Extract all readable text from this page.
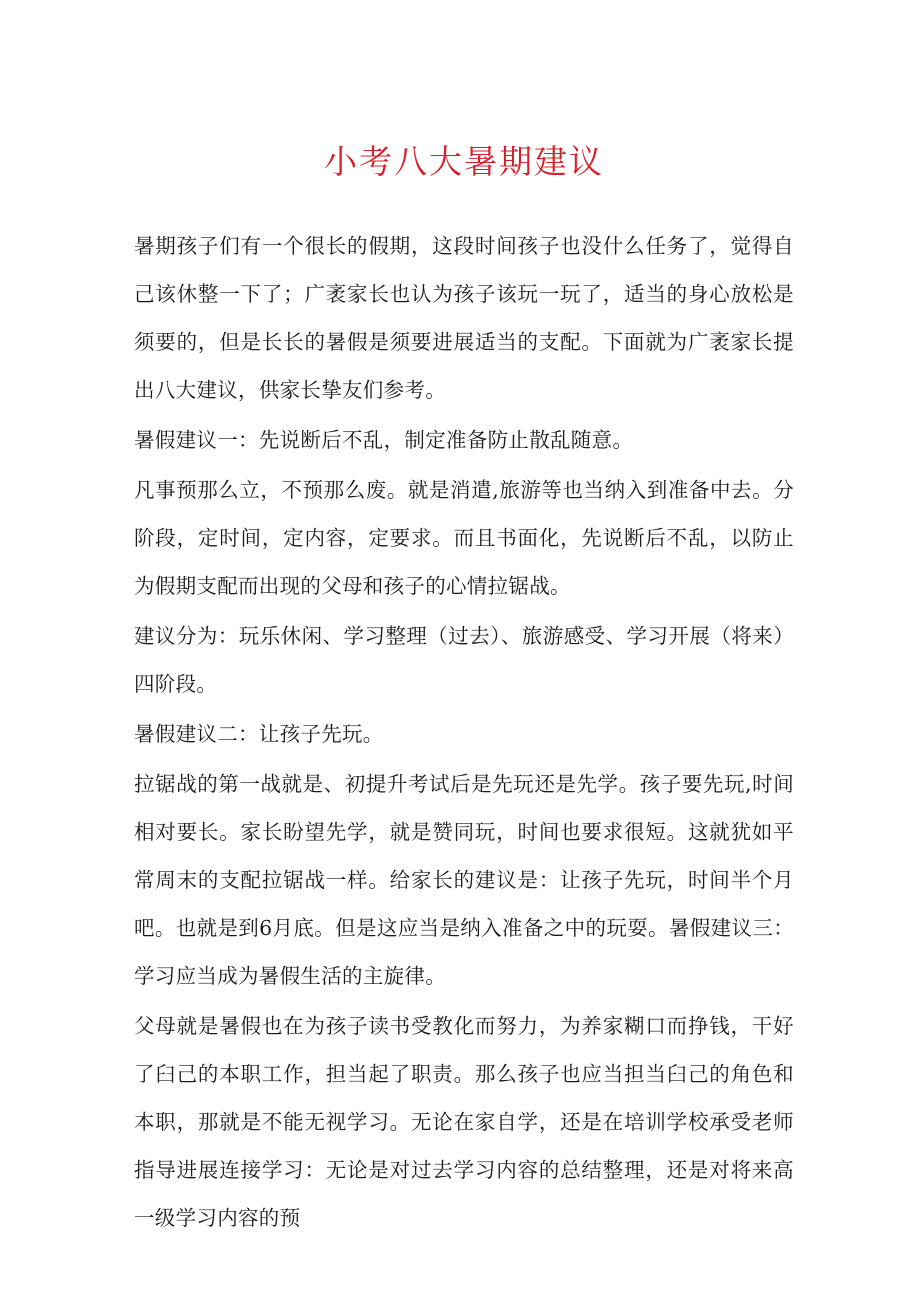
小考八大暑期建议

暑期孩子们有一个很长的假期，这段时间孩子也没什么任务了，觉得自己该休整一下了；广袤家长也认为孩子该玩一玩了，适当的身心放松是须要的，但是长长的暑假是须要进展适当的支配。下面就为广袤家长提出八大建议，供家长挚友们参考。

暑假建议一：先说断后不乱，制定准备防止散乱随意。

凡事预那么立，不预那么废。就是消遣,旅游等也当纳入到准备中去。分阶段，定时间，定内容，定要求。而且书面化，先说断后不乱，以防止为假期支配而出现的父母和孩子的心情拉锯战。

建议分为：玩乐休闲、学习整理（过去）、旅游感受、学习开展（将来）四阶段。

暑假建议二：让孩子先玩。

拉锯战的第一战就是、初提升考试后是先玩还是先学。孩子要先玩,时间相对要长。家长盼望先学，就是赞同玩，时间也要求很短。这就犹如平常周末的支配拉锯战一样。给家长的建议是：让孩子先玩，时间半个月吧。也就是到6月底。但是这应当是纳入准备之中的玩耍。暑假建议三：学习应当成为暑假生活的主旋律。

父母就是暑假也在为孩子读书受教化而努力，为养家糊口而挣钱，干好了臼己的本职工作，担当起了职责。那么孩子也应当担当臼己的角色和本职，那就是不能无视学习。无论在家自学，还是在培训学校承受老师指导进展连接学习：无论是对过去学习内容的总结整理，还是对将来高一级学习内容的预
